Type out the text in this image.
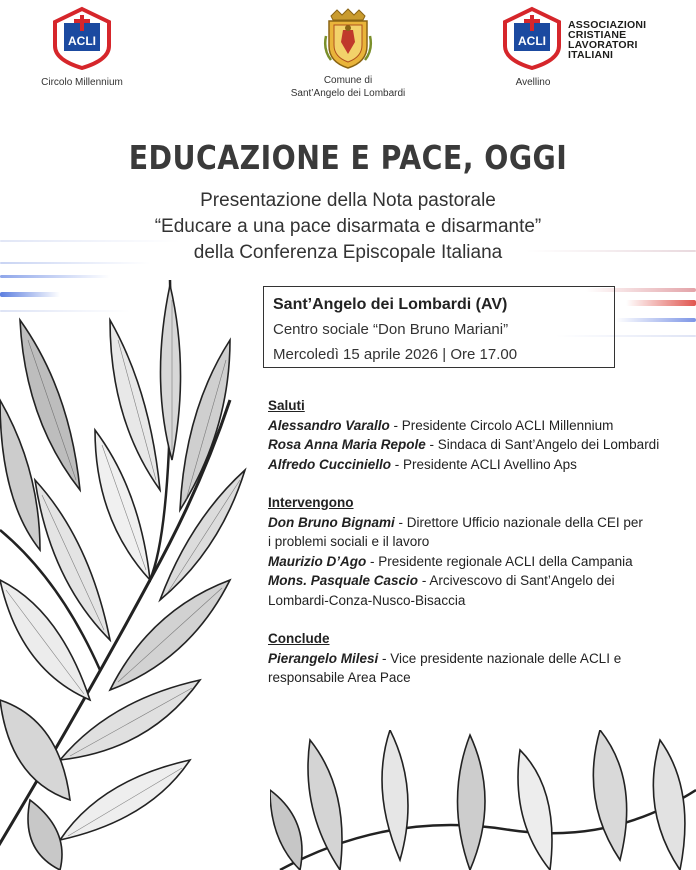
ACLI
Circolo Millennium	Comune di
Sant’Angelo dei Lombardi
ACLI
Avellino
ASSOCIAZIONI
CRISTIANE
LAVORATORI
ITALIANI
EDUCAZIONE E PACE, OGGI
Presentazione della Nota pastorale
“Educare a una pace disarmata e disarmante”
della Conferenza Episcopale Italiana
Sant’Angelo dei Lombardi (AV)
Centro sociale “Don Bruno Mariani”
Mercoledì 15 aprile 2026 | Ore 17.00
Saluti
Alessandro Varallo - Presidente Circolo ACLI Millennium
Rosa Anna Maria Repole - Sindaca di Sant’Angelo dei Lombardi
Alfredo Cucciniello - Presidente ACLI Avellino Aps
Intervengono
Don Bruno Bignami - Direttore Ufficio nazionale della CEI per i problemi sociali e il lavoro
Maurizio D’Ago - Presidente regionale ACLI della Campania
Mons. Pasquale Cascio - Arcivescovo di Sant’Angelo dei Lombardi-Conza-Nusco-Bisaccia
Conclude
Pierangelo Milesi - Vice presidente nazionale delle ACLI e responsabile Area Pace
